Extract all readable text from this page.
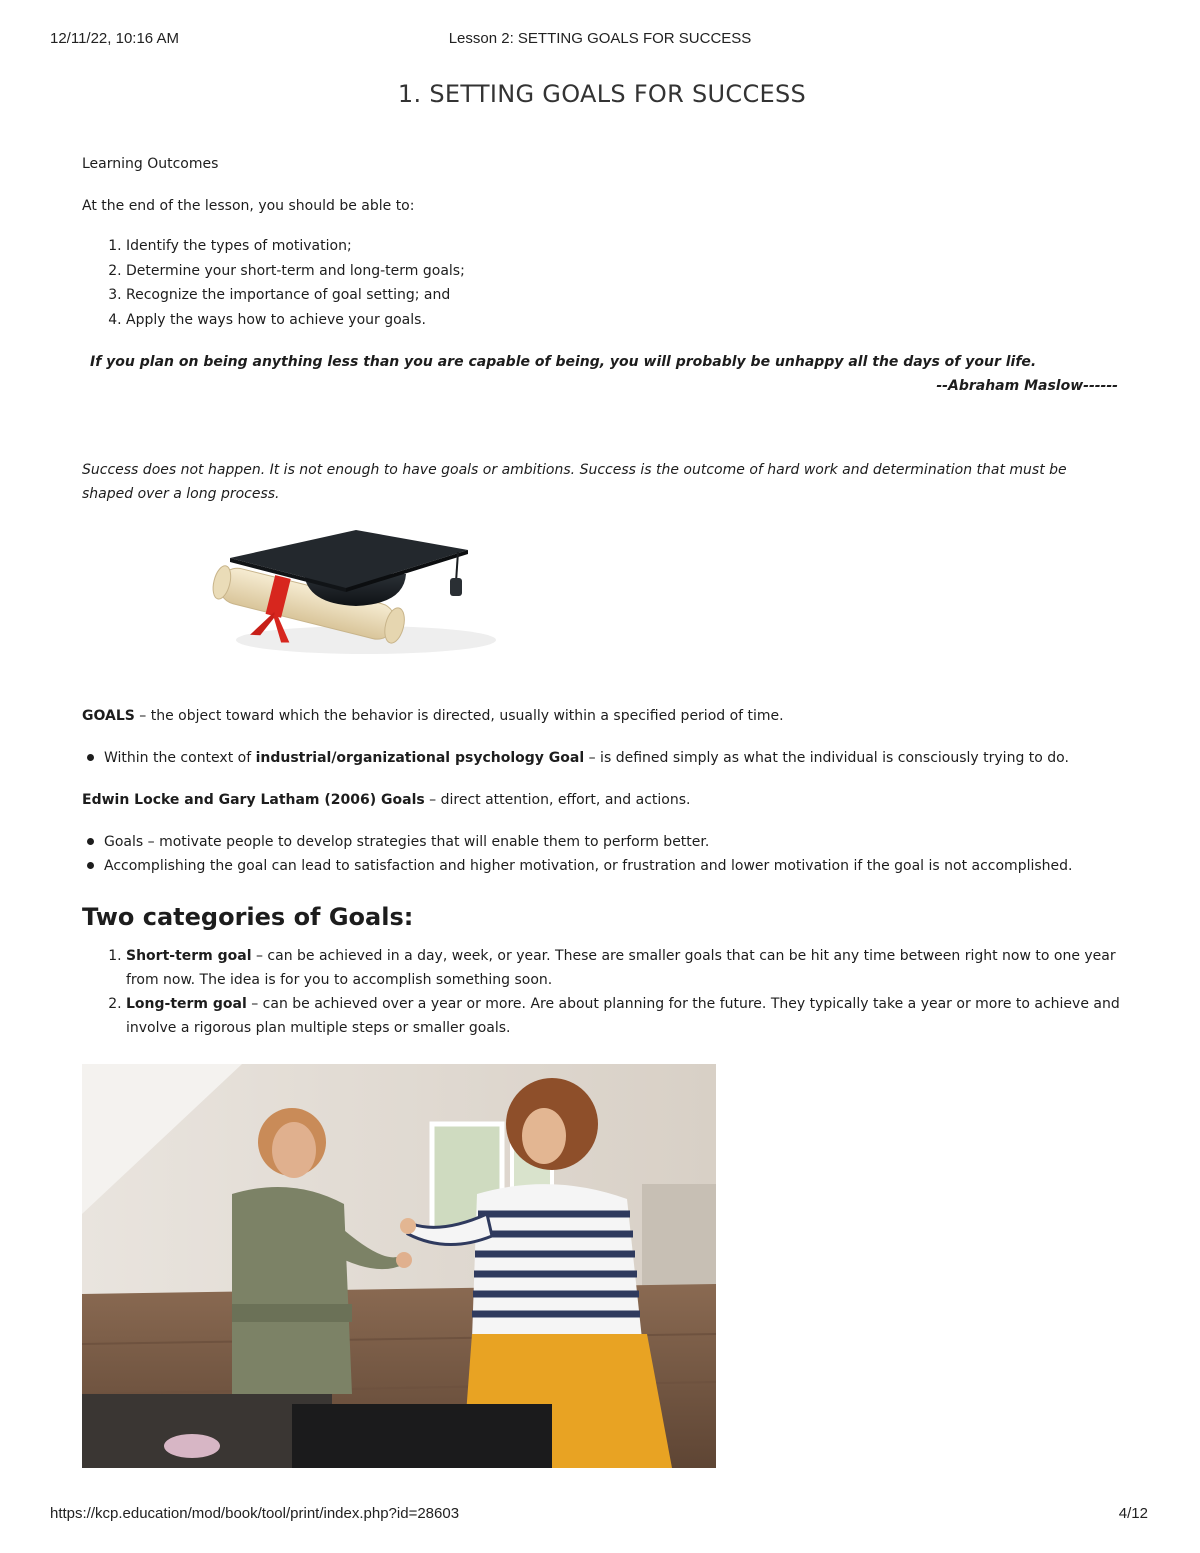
12/11/22, 10:16 AM	Lesson 2: SETTING GOALS FOR SUCCESS
1. SETTING GOALS FOR SUCCESS

Learning Outcomes

At the end of the lesson, you should be able to:

1. Identify the types of motivation;
2. Determine your short-term and long-term goals;
3. Recognize the importance of goal setting; and
4. Apply the ways how to achieve your goals.

If you plan on being anything less than you are capable of being, you will probably be unhappy all the days of your life.

--Abraham Maslow------

Success does not happen. It is not enough to have goals or ambitions. Success is the outcome of hard work and determination that must be shaped over a long process.

GOALS – the object toward which the behavior is directed, usually within a specified period of time.

Within the context of industrial/organizational psychology Goal – is defined simply as what the individual is consciously trying to do.

Edwin Locke and Gary Latham (2006) Goals – direct attention, effort, and actions.

Goals – motivate people to develop strategies that will enable them to perform better.
Accomplishing the goal can lead to satisfaction and higher motivation, or frustration and lower motivation if the goal is not accomplished.
Two categories of Goals:
1. Short-term goal – can be achieved in a day, week, or year. These are smaller goals that can be hit any time between right now to one year from now. The idea is for you to accomplish something soon.
2. Long-term goal – can be achieved over a year or more. Are about planning for the future. They typically take a year or more to achieve and involve a rigorous plan multiple steps or smaller goals.
https://kcp.education/mod/book/tool/print/index.php?id=28603	4/12
